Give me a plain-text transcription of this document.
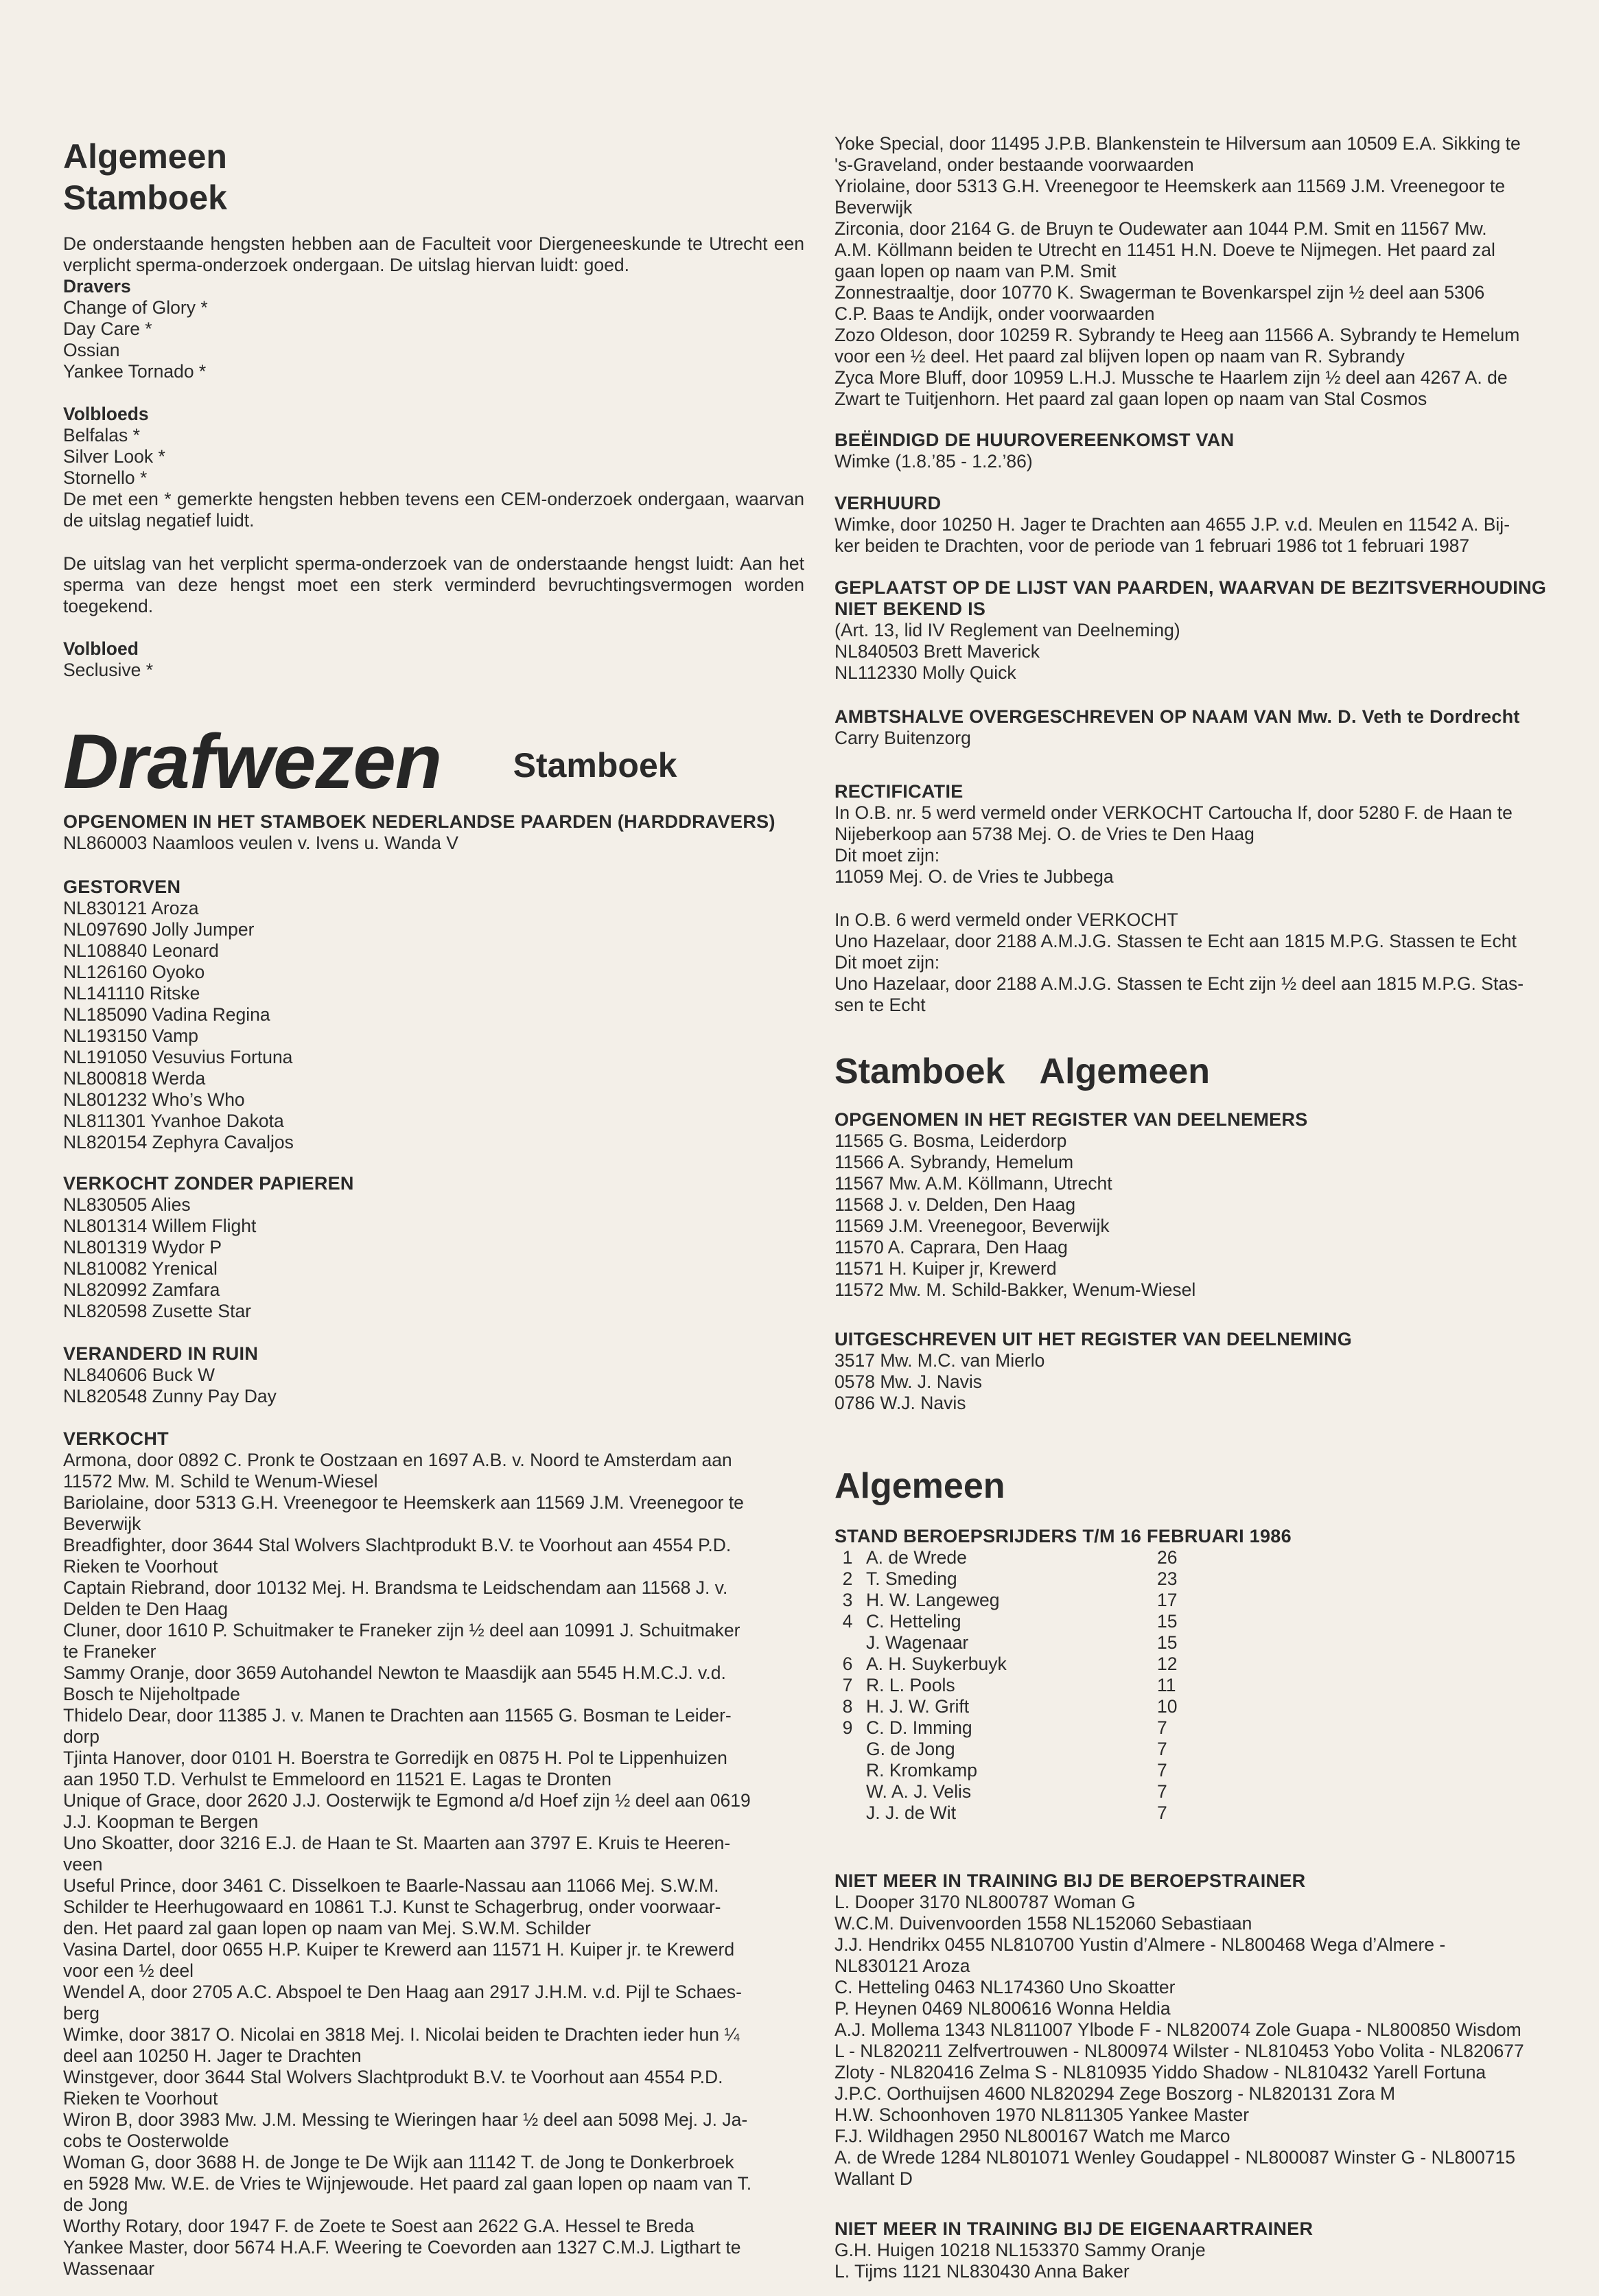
Algemeen
Stamboek
De onderstaande hengsten hebben aan de Faculteit voor Diergeneeskunde te Utrecht een verplicht sperma-onderzoek ondergaan. De uitslag hiervan luidt: goed.
Dravers
Change of Glory *
Day Care *
Ossian
Yankee Tornado *
Volbloeds
Belfalas *
Silver Look *
Stornello *
De met een * gemerkte hengsten hebben tevens een CEM-onderzoek ondergaan, waarvan de uitslag negatief luidt.
De uitslag van het verplicht sperma-onderzoek van de onderstaande hengst luidt: Aan het sperma van deze hengst moet een sterk verminderd bevruchtingsvermogen worden toegekend.
Volbloed
Seclusive *
Drafwezen Stamboek
OPGENOMEN IN HET STAMBOEK NEDERLANDSE PAARDEN (HARDDRAVERS)
NL860003 Naamloos veulen v. Ivens u. Wanda V
GESTORVEN
NL830121 Aroza
NL097690 Jolly Jumper
NL108840 Leonard
NL126160 Oyoko
NL141110 Ritske
NL185090 Vadina Regina
NL193150 Vamp
NL191050 Vesuvius Fortuna
NL800818 Werda
NL801232 Who’s Who
NL811301 Yvanhoe Dakota
NL820154 Zephyra Cavaljos
VERKOCHT ZONDER PAPIEREN
NL830505 Alies
NL801314 Willem Flight
NL801319 Wydor P
NL810082 Yrenical
NL820992 Zamfara
NL820598 Zusette Star
VERANDERD IN RUIN
NL840606 Buck W
NL820548 Zunny Pay Day
VERKOCHT
Armona, door 0892 C. Pronk te Oostzaan en 1697 A.B. v. Noord te Amsterdam aan
11572 Mw. M. Schild te Wenum-Wiesel
Bariolaine, door 5313 G.H. Vreenegoor te Heemskerk aan 11569 J.M. Vreenegoor te
Beverwijk
Breadfighter, door 3644 Stal Wolvers Slachtprodukt B.V. te Voorhout aan 4554 P.D.
Rieken te Voorhout
Captain Riebrand, door 10132 Mej. H. Brandsma te Leidschendam aan 11568 J. v.
Delden te Den Haag
Cluner, door 1610 P. Schuitmaker te Franeker zijn ½ deel aan 10991 J. Schuitmaker
te Franeker
Sammy Oranje, door 3659 Autohandel Newton te Maasdijk aan 5545 H.M.C.J. v.d.
Bosch te Nijeholtpade
Thidelo Dear, door 11385 J. v. Manen te Drachten aan 11565 G. Bosman te Leider-
dorp
Tjinta Hanover, door 0101 H. Boerstra te Gorredijk en 0875 H. Pol te Lippenhuizen
aan 1950 T.D. Verhulst te Emmeloord en 11521 E. Lagas te Dronten
Unique of Grace, door 2620 J.J. Oosterwijk te Egmond a/d Hoef zijn ½ deel aan 0619
J.J. Koopman te Bergen
Uno Skoatter, door 3216 E.J. de Haan te St. Maarten aan 3797 E. Kruis te Heeren-
veen
Useful Prince, door 3461 C. Disselkoen te Baarle-Nassau aan 11066 Mej. S.W.M.
Schilder te Heerhugowaard en 10861 T.J. Kunst te Schagerbrug, onder voorwaar-
den. Het paard zal gaan lopen op naam van Mej. S.W.M. Schilder
Vasina Dartel, door 0655 H.P. Kuiper te Krewerd aan 11571 H. Kuiper jr. te Krewerd
voor een ½ deel
Wendel A, door 2705 A.C. Abspoel te Den Haag aan 2917 J.H.M. v.d. Pijl te Schaes-
berg
Wimke, door 3817 O. Nicolai en 3818 Mej. I. Nicolai beiden te Drachten ieder hun ¼
deel aan 10250 H. Jager te Drachten
Winstgever, door 3644 Stal Wolvers Slachtprodukt B.V. te Voorhout aan 4554 P.D.
Rieken te Voorhout
Wiron B, door 3983 Mw. J.M. Messing te Wieringen haar ½ deel aan 5098 Mej. J. Ja-
cobs te Oosterwolde
Woman G, door 3688 H. de Jonge te De Wijk aan 11142 T. de Jong te Donkerbroek
en 5928 Mw. W.E. de Vries te Wijnjewoude. Het paard zal gaan lopen op naam van T.
de Jong
Worthy Rotary, door 1947 F. de Zoete te Soest aan 2622 G.A. Hessel te Breda
Yankee Master, door 5674 H.A.F. Weering te Coevorden aan 1327 C.M.J. Ligthart te
Wassenaar
Yoke Special, door 11495 J.P.B. Blankenstein te Hilversum aan 10509 E.A. Sikking te
's-Graveland, onder bestaande voorwaarden
Yriolaine, door 5313 G.H. Vreenegoor te Heemskerk aan 11569 J.M. Vreenegoor te
Beverwijk
Zirconia, door 2164 G. de Bruyn te Oudewater aan 1044 P.M. Smit en 11567 Mw.
A.M. Köllmann beiden te Utrecht en 11451 H.N. Doeve te Nijmegen. Het paard zal
gaan lopen op naam van P.M. Smit
Zonnestraaltje, door 10770 K. Swagerman te Bovenkarspel zijn ½ deel aan 5306
C.P. Baas te Andijk, onder voorwaarden
Zozo Oldeson, door 10259 R. Sybrandy te Heeg aan 11566 A. Sybrandy te Hemelum
voor een ½ deel. Het paard zal blijven lopen op naam van R. Sybrandy
Zyca More Bluff, door 10959 L.H.J. Mussche te Haarlem zijn ½ deel aan 4267 A. de
Zwart te Tuitjenhorn. Het paard zal gaan lopen op naam van Stal Cosmos
BEËINDIGD DE HUUROVEREENKOMST VAN
Wimke (1.8.’85 - 1.2.’86)
VERHUURD
Wimke, door 10250 H. Jager te Drachten aan 4655 J.P. v.d. Meulen en 11542 A. Bij-
ker beiden te Drachten, voor de periode van 1 februari 1986 tot 1 februari 1987
GEPLAATST OP DE LIJST VAN PAARDEN, WAARVAN DE BEZITSVERHOUDING
NIET BEKEND IS
(Art. 13, lid IV Reglement van Deelneming)
NL840503 Brett Maverick
NL112330 Molly Quick
AMBTSHALVE OVERGESCHREVEN OP NAAM VAN Mw. D. Veth te Dordrecht
Carry Buitenzorg
RECTIFICATIE
In O.B. nr. 5 werd vermeld onder VERKOCHT Cartoucha If, door 5280 F. de Haan te
Nijeberkoop aan 5738 Mej. O. de Vries te Den Haag
Dit moet zijn:
11059 Mej. O. de Vries te Jubbega
In O.B. 6 werd vermeld onder VERKOCHT
Uno Hazelaar, door 2188 A.M.J.G. Stassen te Echt aan 1815 M.P.G. Stassen te Echt
Dit moet zijn:
Uno Hazelaar, door 2188 A.M.J.G. Stassen te Echt zijn ½ deel aan 1815 M.P.G. Stas-
sen te Echt
Stamboek Algemeen
OPGENOMEN IN HET REGISTER VAN DEELNEMERS
11565 G. Bosma, Leiderdorp
11566 A. Sybrandy, Hemelum
11567 Mw. A.M. Köllmann, Utrecht
11568 J. v. Delden, Den Haag
11569 J.M. Vreenegoor, Beverwijk
11570 A. Caprara, Den Haag
11571 H. Kuiper jr, Krewerd
11572 Mw. M. Schild-Bakker, Wenum-Wiesel
UITGESCHREVEN UIT HET REGISTER VAN DEELNEMING
3517 Mw. M.C. van Mierlo
0578 Mw. J. Navis
0786 W.J. Navis
Algemeen
STAND BEROEPSRIJDERS T/M 16 FEBRUARI 1986
1	A. de Wrede	26
2	T. Smeding	23
3	H. W. Langeweg	17
4	C. Hetteling	15
	J. Wagenaar	15
6	A. H. Suykerbuyk	12
7	R. L. Pools	11
8	H. J. W. Grift	10
9	C. D. Imming	7
	G. de Jong	7
	R. Kromkamp	7
	W. A. J. Velis	7
	J. J. de Wit	7
NIET MEER IN TRAINING BIJ DE BEROEPSTRAINER
L. Dooper 3170 NL800787 Woman G
W.C.M. Duivenvoorden 1558 NL152060 Sebastiaan
J.J. Hendrikx 0455 NL810700 Yustin d’Almere - NL800468 Wega d’Almere -
NL830121 Aroza
C. Hetteling 0463 NL174360 Uno Skoatter
P. Heynen 0469 NL800616 Wonna Heldia
A.J. Mollema 1343 NL811007 Ylbode F - NL820074 Zole Guapa - NL800850 Wisdom
L - NL820211 Zelfvertrouwen - NL800974 Wilster - NL810453 Yobo Volita - NL820677
Zloty - NL820416 Zelma S - NL810935 Yiddo Shadow - NL810432 Yarell Fortuna
J.P.C. Oorthuijsen 4600 NL820294 Zege Boszorg - NL820131 Zora M
H.W. Schoonhoven 1970 NL811305 Yankee Master
F.J. Wildhagen 2950 NL800167 Watch me Marco
A. de Wrede 1284 NL801071 Wenley Goudappel - NL800087 Winster G - NL800715
Wallant D
NIET MEER IN TRAINING BIJ DE EIGENAARTRAINER
G.H. Huigen 10218 NL153370 Sammy Oranje
L. Tijms 1121 NL830430 Anna Baker
